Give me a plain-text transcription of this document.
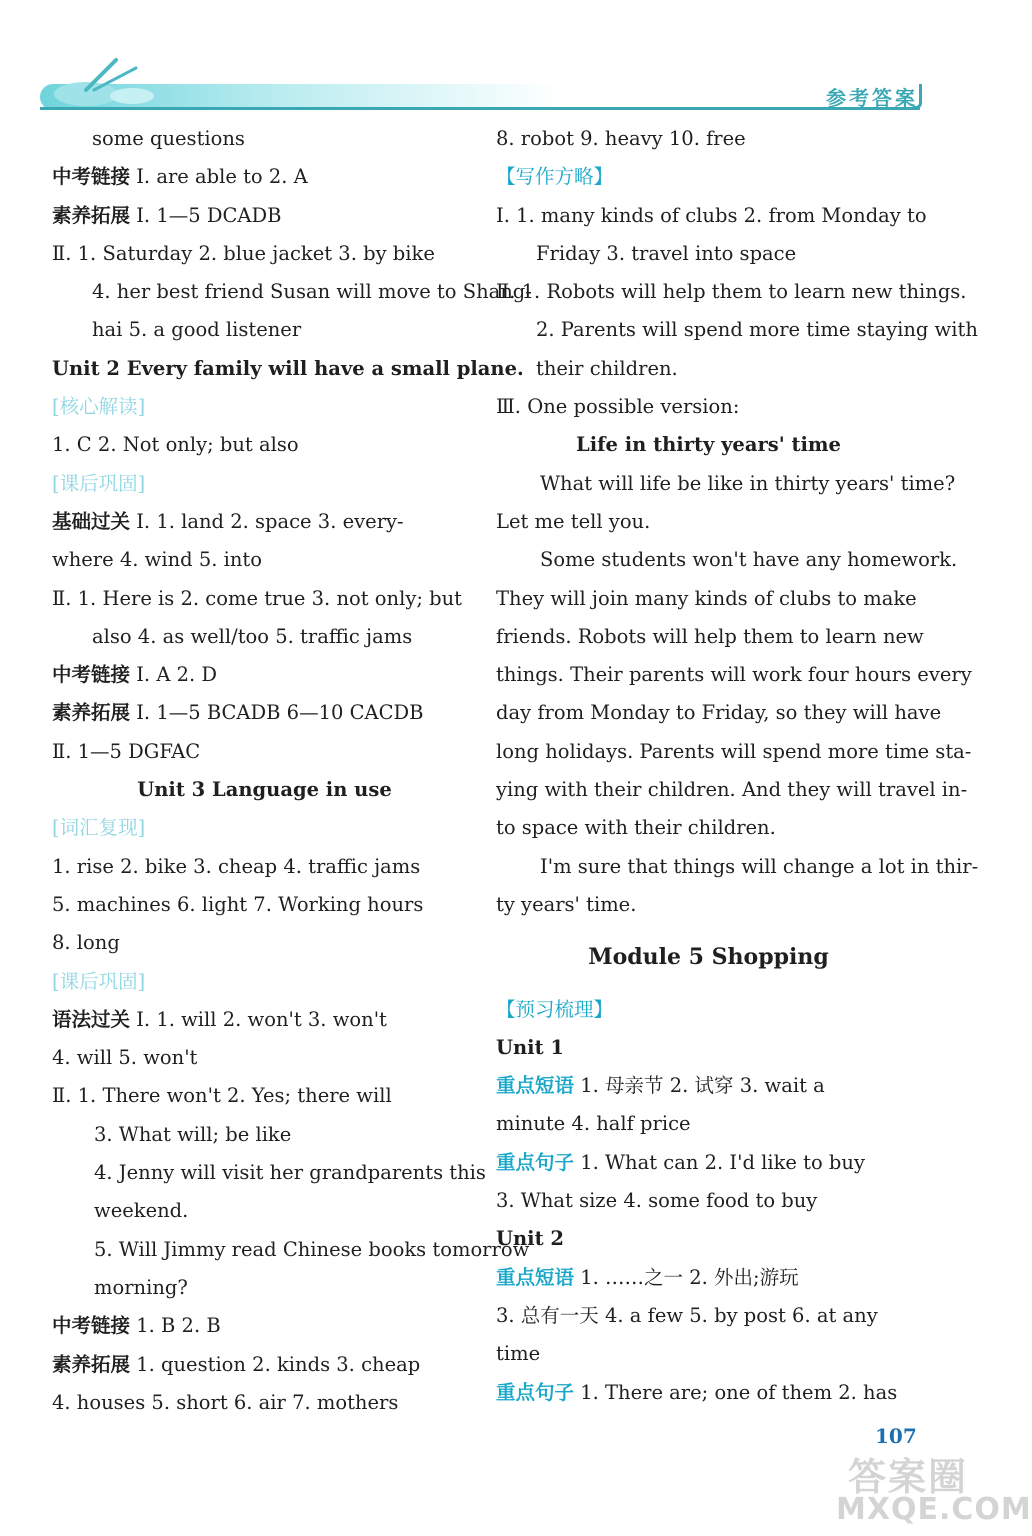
参考答案
some questions
中考链接 Ⅰ. are able to 2. A
素养拓展 Ⅰ. 1—5 DCADB
Ⅱ. 1. Saturday 2. blue jacket 3. by bike
4. her best friend Susan will move to Shang-
hai 5. a good listener
Unit 2 Every family will have a small plane.
[核心解读]
1. C 2. Not only; but also
[课后巩固]
基础过关 Ⅰ. 1. land 2. space 3. every-
where 4. wind 5. into
Ⅱ. 1. Here is 2. come true 3. not only; but
also 4. as well/too 5. traffic jams
中考链接 Ⅰ. A 2. D
素养拓展 Ⅰ. 1—5 BCADB 6—10 CACDB
Ⅱ. 1—5 DGFAC
Unit 3 Language in use
[词汇复现]
1. rise 2. bike 3. cheap 4. traffic jams
5. machines 6. light 7. Working hours
8. long
[课后巩固]
语法过关 Ⅰ. 1. will 2. won't 3. won't
4. will 5. won't
Ⅱ. 1. There won't 2. Yes; there will
3. What will; be like
4. Jenny will visit her grandparents this
weekend.
5. Will Jimmy read Chinese books tomorrow
morning?
中考链接 1. B 2. B
素养拓展 1. question 2. kinds 3. cheap
4. houses 5. short 6. air 7. mothers
8. robot 9. heavy 10. free
【写作方略】
Ⅰ. 1. many kinds of clubs 2. from Monday to
Friday 3. travel into space
Ⅱ. 1. Robots will help them to learn new things.
2. Parents will spend more time staying with
their children.
Ⅲ. One possible version:
Life in thirty years' time
What will life be like in thirty years' time?
Let me tell you.
Some students won't have any homework.
They will join many kinds of clubs to make
friends. Robots will help them to learn new
things. Their parents will work four hours every
day from Monday to Friday, so they will have
long holidays. Parents will spend more time sta-
ying with their children. And they will travel in-
to space with their children.
I'm sure that things will change a lot in thir-
ty years' time.
Module 5 Shopping
【预习梳理】
Unit 1
重点短语 1. 母亲节 2. 试穿 3. wait a
minute 4. half price
重点句子 1. What can 2. I'd like to buy
3. What size 4. some food to buy
Unit 2
重点短语 1. ……之一 2. 外出;游玩
3. 总有一天 4. a few 5. by post 6. at any
time
重点句子 1. There are; one of them 2. has
107
答案圈
MXQE.COM
